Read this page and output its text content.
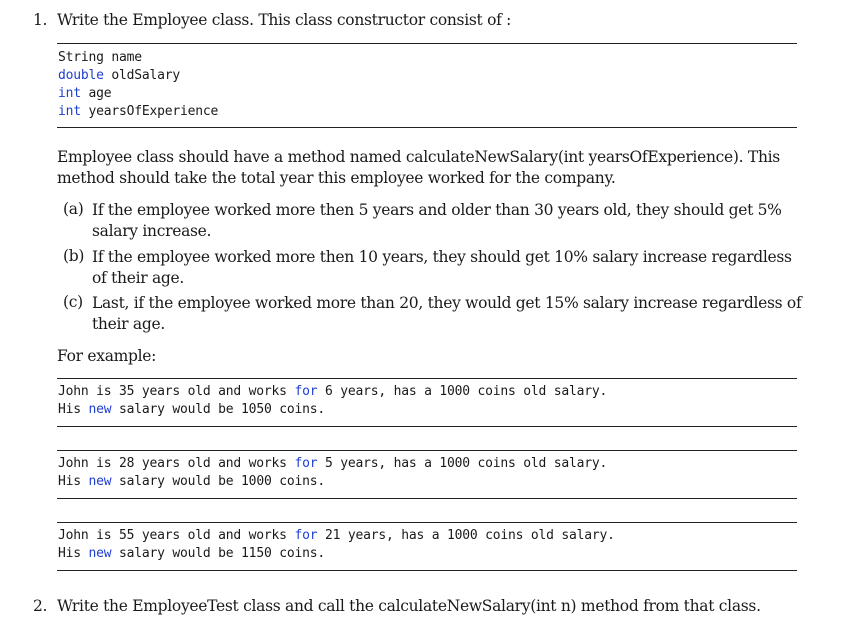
1. Write the Employee class. This class constructor consist of :
String name
double oldSalary
int age
int yearsOfExperience
Employee class should have a method named calculateNewSalary(int yearsOfExperience). This method should take the total year this employee worked for the company.
(a) If the employee worked more then 5 years and older than 30 years old, they should get 5% salary increase.
(b) If the employee worked more then 10 years, they should get 10% salary increase regardless of their age.
(c) Last, if the employee worked more than 20, they would get 15% salary increase regardless of their age.
For example:
John is 35 years old and works for 6 years, has a 1000 coins old salary.
His new salary would be 1050 coins.
John is 28 years old and works for 5 years, has a 1000 coins old salary.
His new salary would be 1000 coins.
John is 55 years old and works for 21 years, has a 1000 coins old salary.
His new salary would be 1150 coins.
2. Write the EmployeeTest class and call the calculateNewSalary(int n) method from that class.
